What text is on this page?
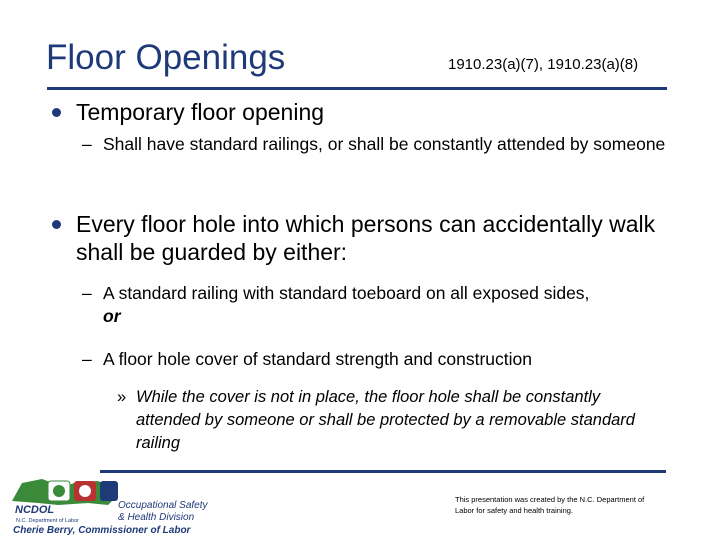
Floor Openings	1910.23(a)(7), 1910.23(a)(8)
Temporary floor opening
– Shall have standard railings, or shall be constantly attended by someone
Every floor hole into which persons can accidentally walk shall be guarded by either:
– A standard railing with standard toeboard on all exposed sides,
or
– A floor hole cover of standard strength and construction
» While the cover is not in place, the floor hole shall be constantly attended by someone or shall be protected by a removable standard railing
NCDOL
N.C. Department of Labor
Occupational Safety
& Health Division
Cherie Berry, Commissioner of Labor
This presentation was created by the N.C. Department of Labor for safety and health training.
